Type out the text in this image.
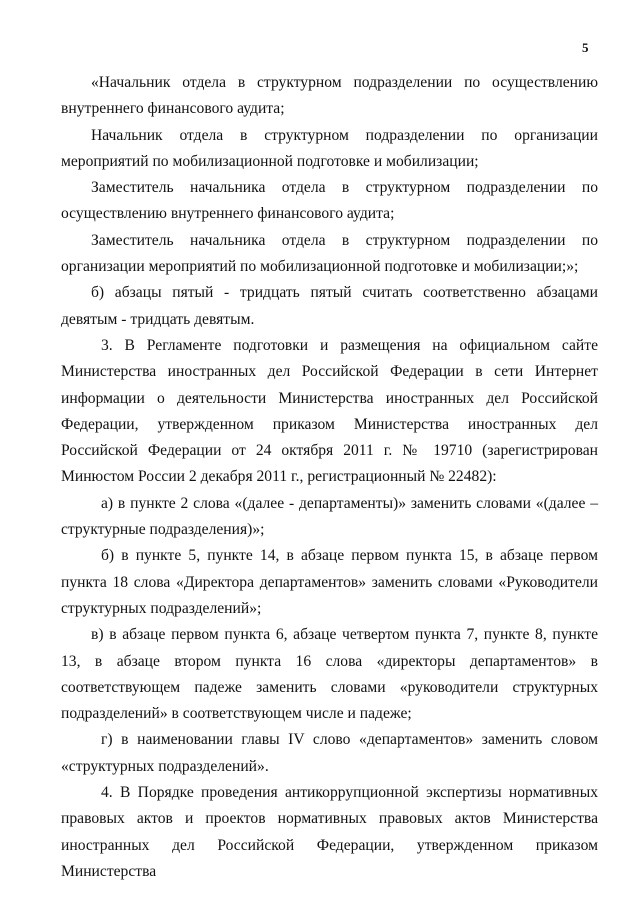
5

«Начальник отдела в структурном подразделении по осуществлению внутреннего финансового аудита;

Начальник отдела в структурном подразделении по организации мероприятий по мобилизационной подготовке и мобилизации;

Заместитель начальника отдела в структурном подразделении по осуществлению внутреннего финансового аудита;

Заместитель начальника отдела в структурном подразделении по организации мероприятий по мобилизационной подготовке и мобилизации;»;

б) абзацы пятый - тридцать пятый считать соответственно абзацами девятым - тридцать девятым.

3. В Регламенте подготовки и размещения на официальном сайте Министерства иностранных дел Российской Федерации в сети Интернет информации о деятельности Министерства иностранных дел Российской Федерации, утвержденном приказом Министерства иностранных дел Российской Федерации от 24 октября 2011 г. № 19710 (зарегистрирован Минюстом России 2 декабря 2011 г., регистрационный № 22482):

а) в пункте 2 слова «(далее - департаменты)» заменить словами «(далее – структурные подразделения)»;

б) в пункте 5, пункте 14, в абзаце первом пункта 15, в абзаце первом пункта 18 слова «Директора департаментов» заменить словами «Руководители структурных подразделений»;

в) в абзаце первом пункта 6, абзаце четвертом пункта 7, пункте 8, пункте 13, в абзаце втором пункта 16 слова «директоры департаментов» в соответствующем падеже заменить словами «руководители структурных подразделений» в соответствующем числе и падеже;

г) в наименовании главы IV слово «департаментов» заменить словом «структурных подразделений».

4. В Порядке проведения антикоррупционной экспертизы нормативных правовых актов и проектов нормативных правовых актов Министерства иностранных дел Российской Федерации, утвержденном приказом Министерства
